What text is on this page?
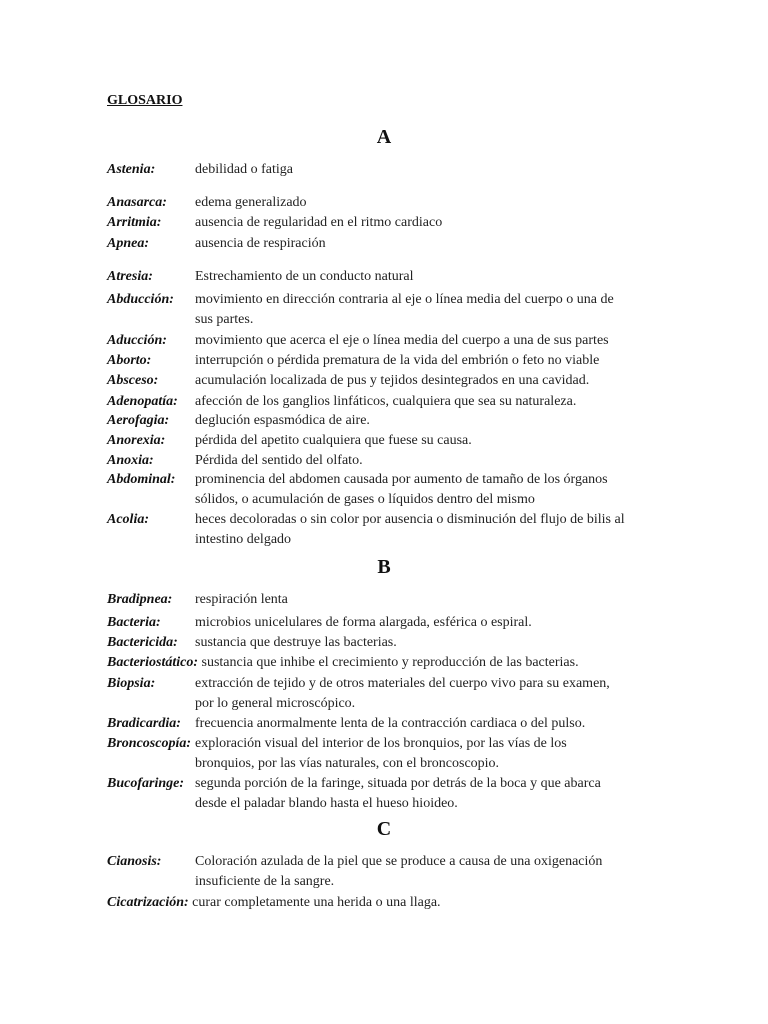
GLOSARIO
A
Astenia:	debilidad o fatiga
Anasarca: edema generalizado
Arritmia: ausencia de regularidad en el ritmo cardiaco
Apnea:	ausencia de respiración
Atresia:	Estrechamiento de un conducto natural
Abducción: movimiento en dirección contraria al eje o línea media del cuerpo o una de
sus partes.
Aducción: movimiento que acerca el eje o línea media del cuerpo a una de sus partes
Aborto:	interrupción o pérdida prematura de la vida del embrión o feto no viable
Absceso:	acumulación localizada de pus y tejidos desintegrados en una cavidad.
Adenopatía: afección de los ganglios linfáticos, cualquiera que sea su naturaleza.
Aerofagia: deglución espasmódica de aire.
Anorexia: pérdida del apetito cualquiera que fuese su causa.
Anoxia:	Pérdida del sentido del olfato.
Abdominal: prominencia del abdomen causada por aumento de tamaño de los órganos
sólidos, o acumulación de gases o líquidos dentro del mismo
Acolia:	heces decoloradas o sin color por ausencia o disminución del flujo de bilis al
intestino delgado
B
Bradipnea: respiración lenta
Bacteria: microbios unicelulares de forma alargada, esférica o espiral.
Bactericida: sustancia que destruye las bacterias.
Bacteriostático: sustancia que inhibe el crecimiento y reproducción de las bacterias.
Biopsia:	extracción de tejido y de otros materiales del cuerpo vivo para su examen,
por lo general microscópico.
Bradicardia: frecuencia anormalmente lenta de la contracción cardiaca o del pulso.
Broncoscopía: exploración visual del interior de los bronquios, por las vías de los
bronquios, por las vías naturales, con el broncoscopio.
Bucofaringe: segunda porción de la faringe, situada por detrás de la boca y que abarca
desde el paladar blando hasta el hueso hioideo.
C
Cianosis: Coloración azulada de la piel que se produce a causa de una oxigenación
insuficiente de la sangre.
Cicatrización: curar completamente una herida o una llaga.
